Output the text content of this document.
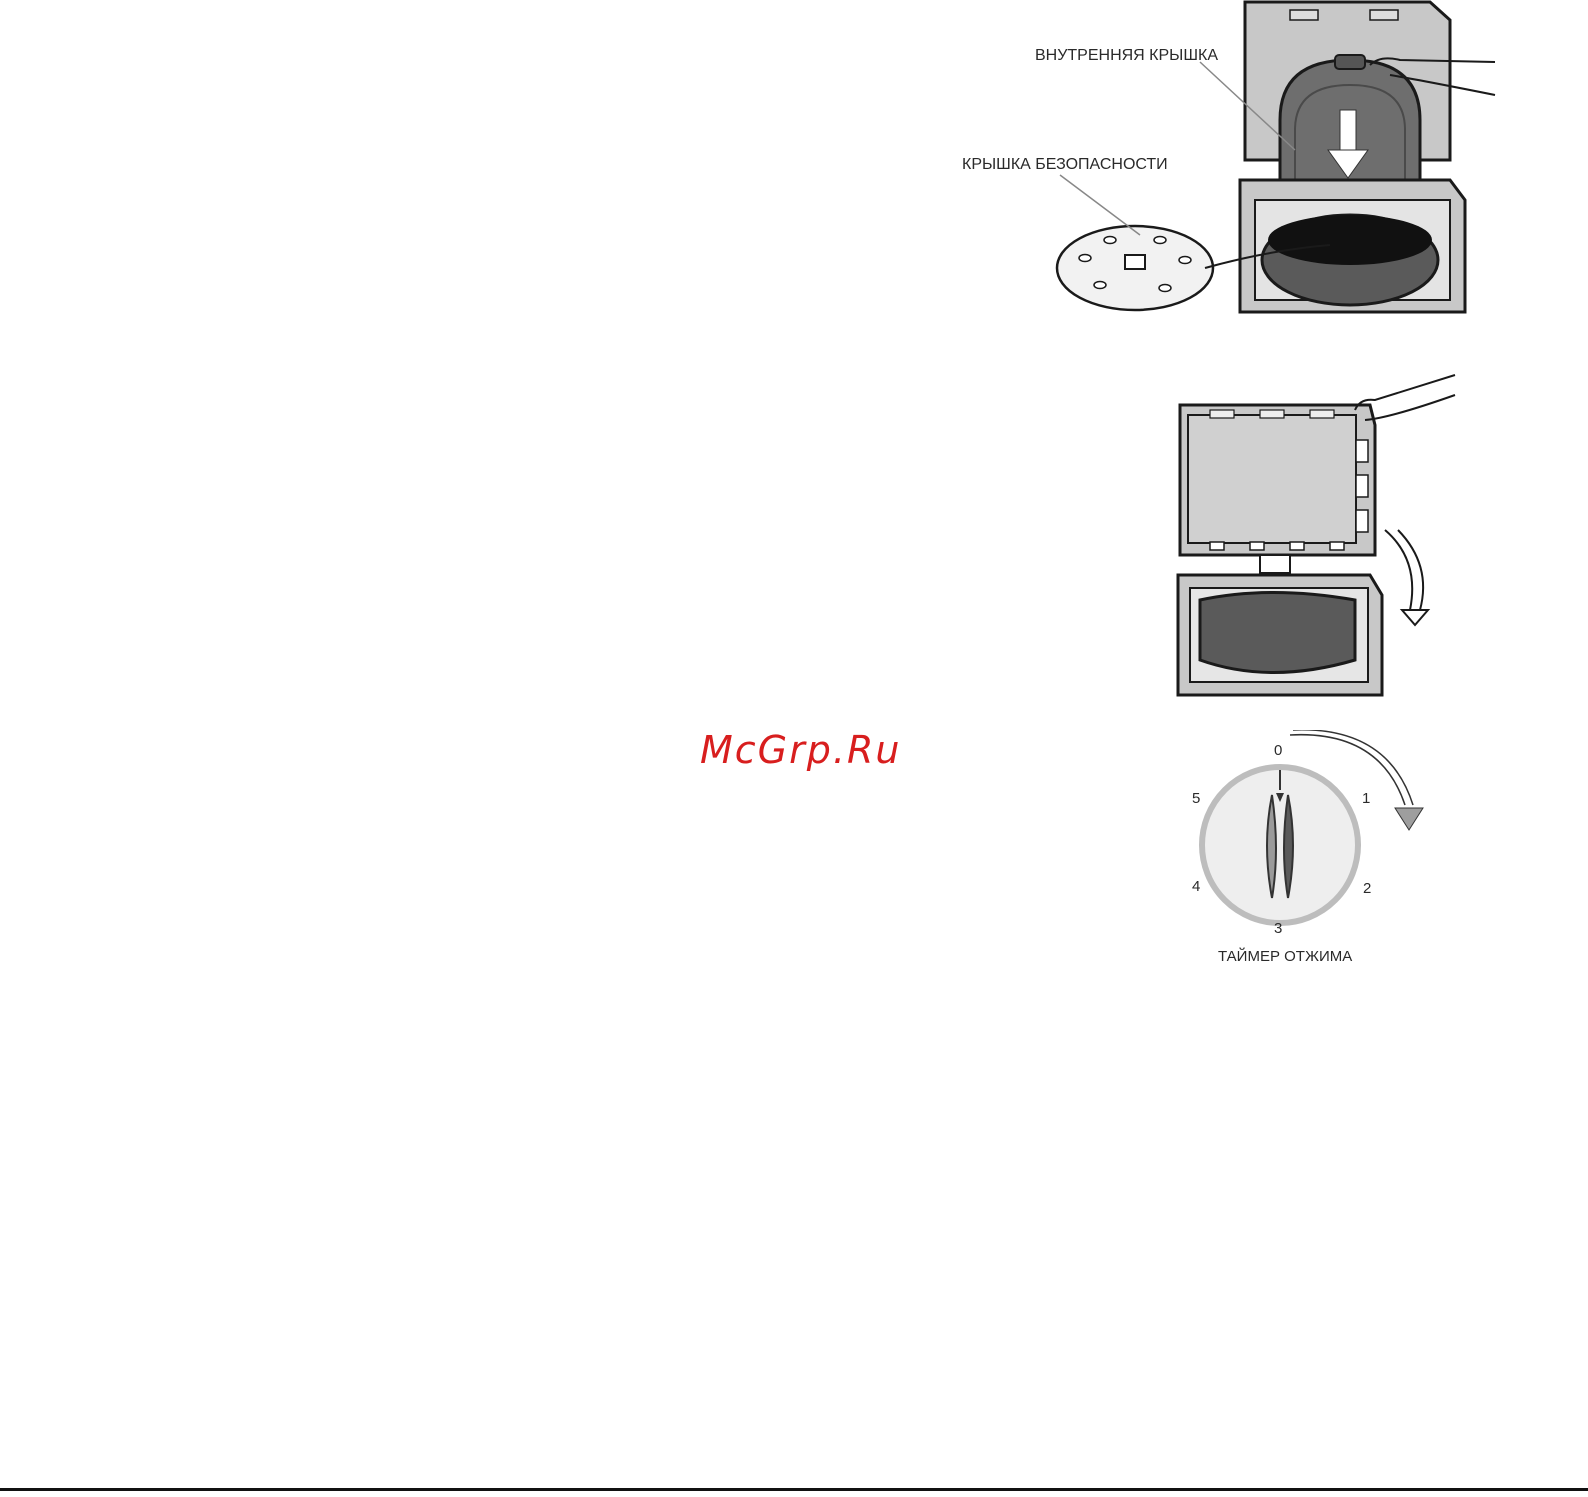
ВНУТРЕННЯЯ КРЫШКА
КРЫШКА БЕЗОПАСНОСТИ
McGrp.Ru	0
1
2
3
4
5
ТАЙМЕР ОТЖИМА
